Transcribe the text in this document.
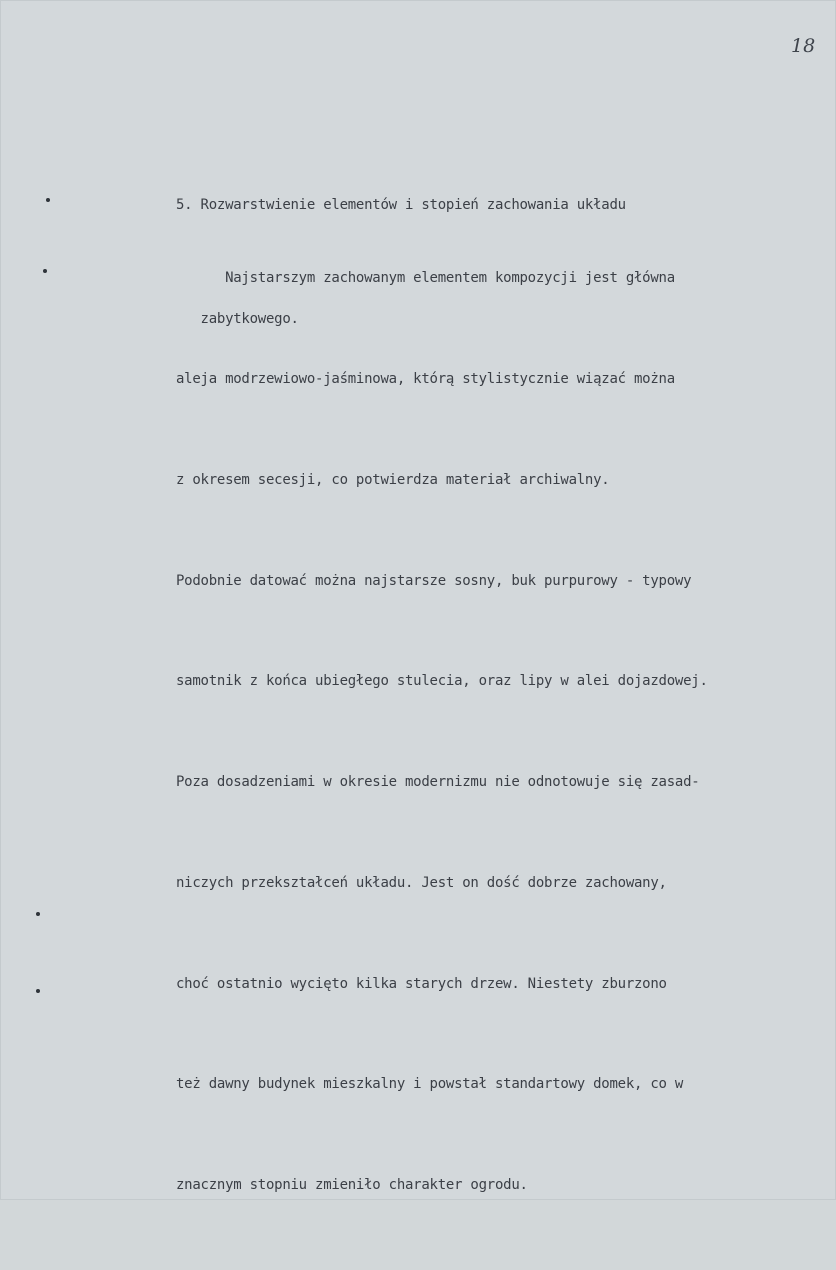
18

5. Rozwarstwienie elementów i stopień zachowania układu

zabytkowego.

Najstarszym zachowanym elementem kompozycji jest główna

aleja modrzewiowo-jaśminowa, którą stylistycznie wiązać można

z okresem secesji, co potwierdza materiał archiwalny.

Podobnie datować można najstarsze sosny, buk purpurowy - typowy

samotnik z końca ubiegłego stulecia, oraz lipy w alei dojazdowej.

Poza dosadzeniami w okresie modernizmu nie odnotowuje się zasad-

niczych przekształceń układu. Jest on dość dobrze zachowany,

choć ostatnio wycięto kilka starych drzew. Niestety zburzono

też dawny budynek mieszkalny i powstał standartowy domek, co w

znacznym stopniu zmieniło charakter ogrodu.
